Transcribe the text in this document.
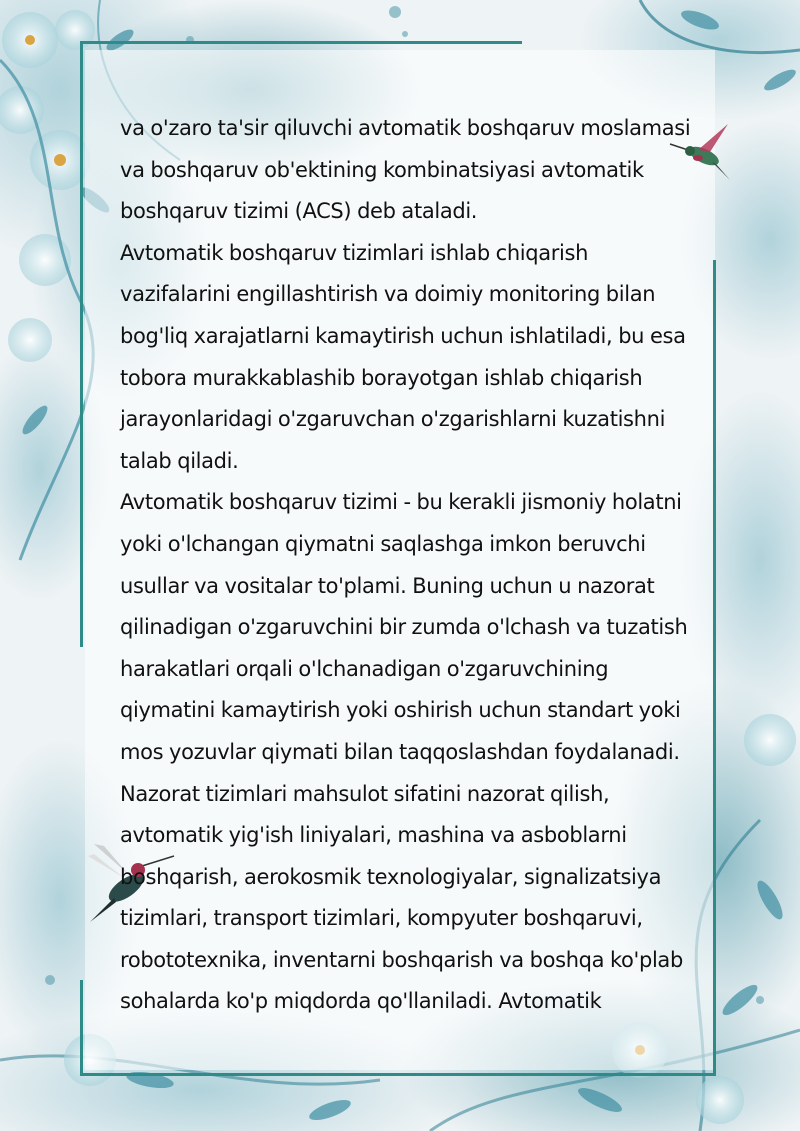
va o'zaro ta'sir qiluvchi avtomatik boshqaruv moslamasi
va boshqaruv ob'ektining kombinatsiyasi avtomatik
boshqaruv tizimi (ACS) deb ataladi.
Avtomatik boshqaruv tizimlari ishlab chiqarish
vazifalarini engillashtirish va doimiy monitoring bilan
bog'liq xarajatlarni kamaytirish uchun ishlatiladi, bu esa
tobora murakkablashib borayotgan ishlab chiqarish
jarayonlaridagi o'zgaruvchan o'zgarishlarni kuzatishni
talab qiladi.
Avtomatik boshqaruv tizimi - bu kerakli jismoniy holatni
yoki o'lchangan qiymatni saqlashga imkon beruvchi
usullar va vositalar to'plami. Buning uchun u nazorat
qilinadigan o'zgaruvchini bir zumda o'lchash va tuzatish
harakatlari orqali o'lchanadigan o'zgaruvchining
qiymatini kamaytirish yoki oshirish uchun standart yoki
mos yozuvlar qiymati bilan taqqoslashdan foydalanadi.
Nazorat tizimlari mahsulot sifatini nazorat qilish,
avtomatik yig'ish liniyalari, mashina va asboblarni
boshqarish, aerokosmik texnologiyalar, signalizatsiya
tizimlari, transport tizimlari, kompyuter boshqaruvi,
robototexnika, inventarni boshqarish va boshqa ko'plab
sohalarda ko'p miqdorda qo'llaniladi. Avtomatik
